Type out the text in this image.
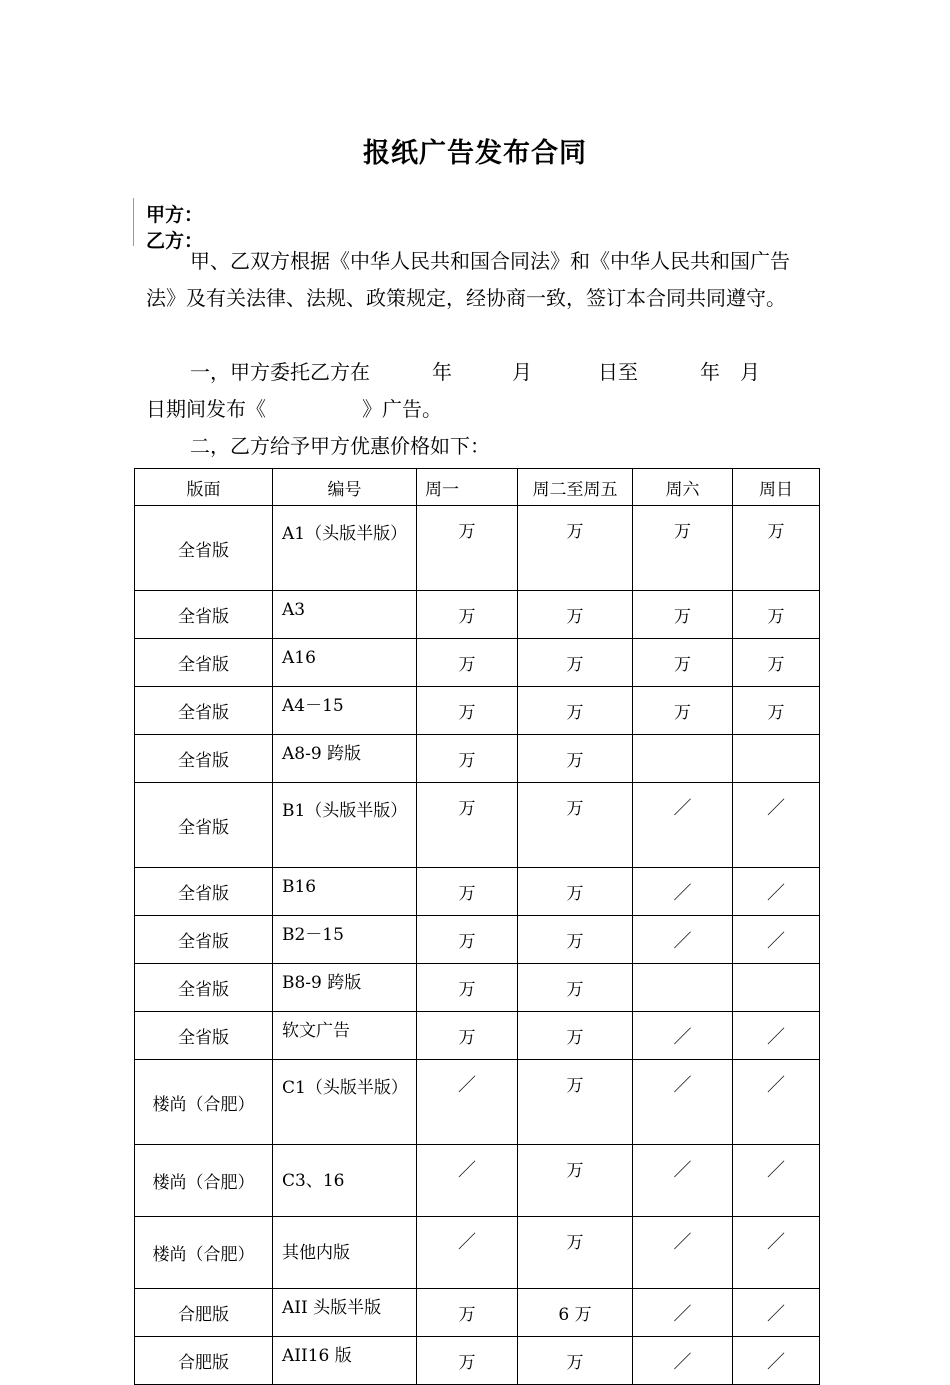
报纸广告发布合同
甲方：
乙方：
甲、乙双方根据《中华人民共和国合同法》和《中华人民共和国广告法》及有关法律、法规、政策规定，经协商一致，签订本合同共同遵守。
一，甲方委托乙方在	年	月	日至	年 月
日期间发布《	》广告。
二，乙方给予甲方优惠价格如下：
版面	编号	周一	周二至周五	周六	周日
全省版	A1（头版半版）	万	万	万	万
全省版	A3	万	万	万	万
全省版	A16	万	万	万	万
全省版	A4－15	万	万	万	万
全省版	A8-9 跨版	万	万		
全省版	B1（头版半版）	万	万	／	／
全省版	B16	万	万	／	／
全省版	B2－15	万	万	／	／
全省版	B8-9 跨版	万	万		
全省版	软文广告	万	万	／	／
楼尚（合肥）	C1（头版半版）	／	万	／	／
楼尚（合肥）	C3、16	／	万	／	／
楼尚（合肥）	其他内版	／	万	／	／
合肥版	AII 头版半版	万	6 万	／	／
合肥版	AII16 版	万	万	／	／
